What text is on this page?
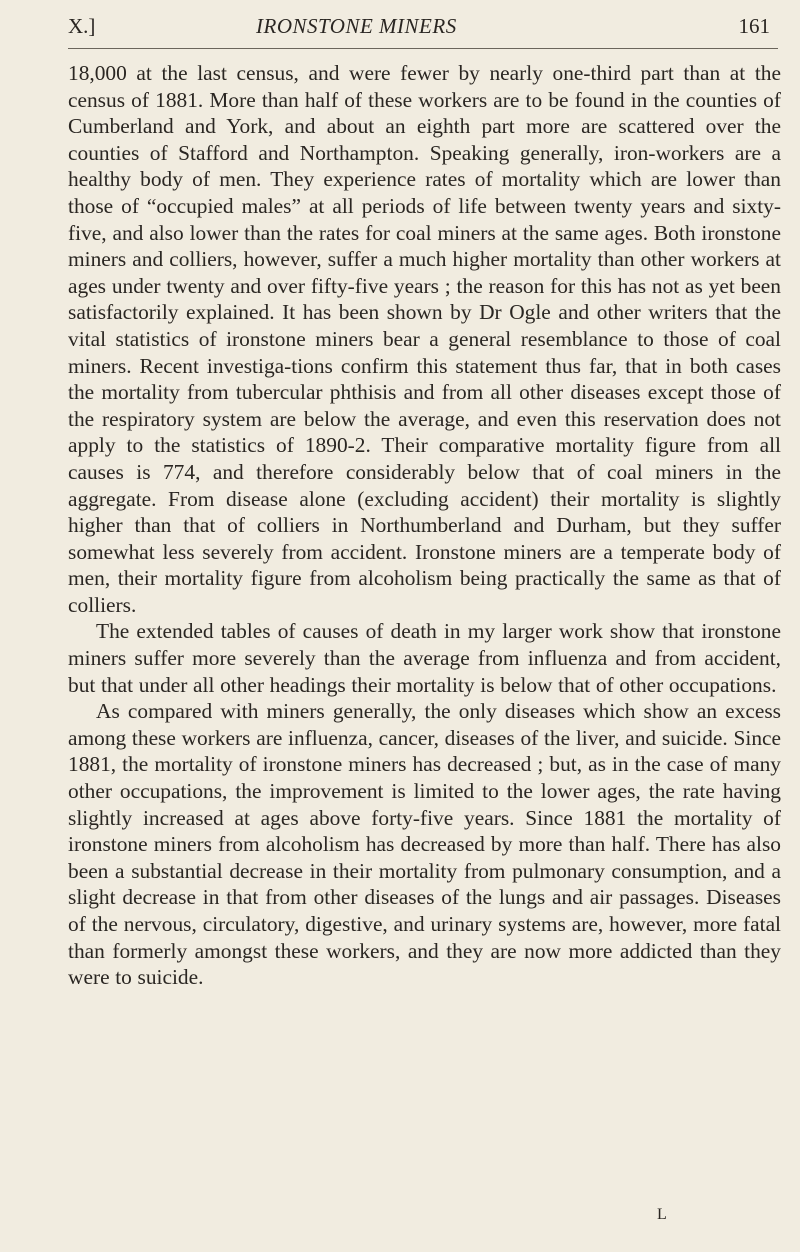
X.]	IRONSTONE MINERS	161

18,000 at the last census, and were fewer by nearly one-third part than at the census of 1881. More than half of these workers are to be found in the counties of Cumberland and York, and about an eighth part more are scattered over the counties of Stafford and Northampton. Speaking generally, iron-workers are a healthy body of men. They experience rates of mortality which are lower than those of “occupied males” at all periods of life between twenty years and sixty-five, and also lower than the rates for coal miners at the same ages. Both ironstone miners and colliers, however, suffer a much higher mortality than other workers at ages under twenty and over fifty-five years ; the reason for this has not as yet been satisfactorily explained. It has been shown by Dr Ogle and other writers that the vital statistics of ironstone miners bear a general resemblance to those of coal miners. Recent investiga-tions confirm this statement thus far, that in both cases the mortality from tubercular phthisis and from all other diseases except those of the respiratory system are below the average, and even this reservation does not apply to the statistics of 1890-2. Their comparative mortality figure from all causes is 774, and therefore considerably below that of coal miners in the aggregate. From disease alone (excluding accident) their mortality is slightly higher than that of colliers in Northumberland and Durham, but they suffer somewhat less severely from accident. Ironstone miners are a temperate body of men, their mortality figure from alcoholism being practically the same as that of colliers.

The extended tables of causes of death in my larger work show that ironstone miners suffer more severely than the average from influenza and from accident, but that under all other headings their mortality is below that of other occupations.

As compared with miners generally, the only diseases which show an excess among these workers are influenza, cancer, diseases of the liver, and suicide. Since 1881, the mortality of ironstone miners has decreased ; but, as in the case of many other occupations, the improvement is limited to the lower ages, the rate having slightly increased at ages above forty-five years. Since 1881 the mortality of ironstone miners from alcoholism has decreased by more than half. There has also been a substantial decrease in their mortality from pulmonary consumption, and a slight decrease in that from other diseases of the lungs and air passages. Diseases of the nervous, circulatory, digestive, and urinary systems are, however, more fatal than formerly amongst these workers, and they are now more addicted than they were to suicide.

L
